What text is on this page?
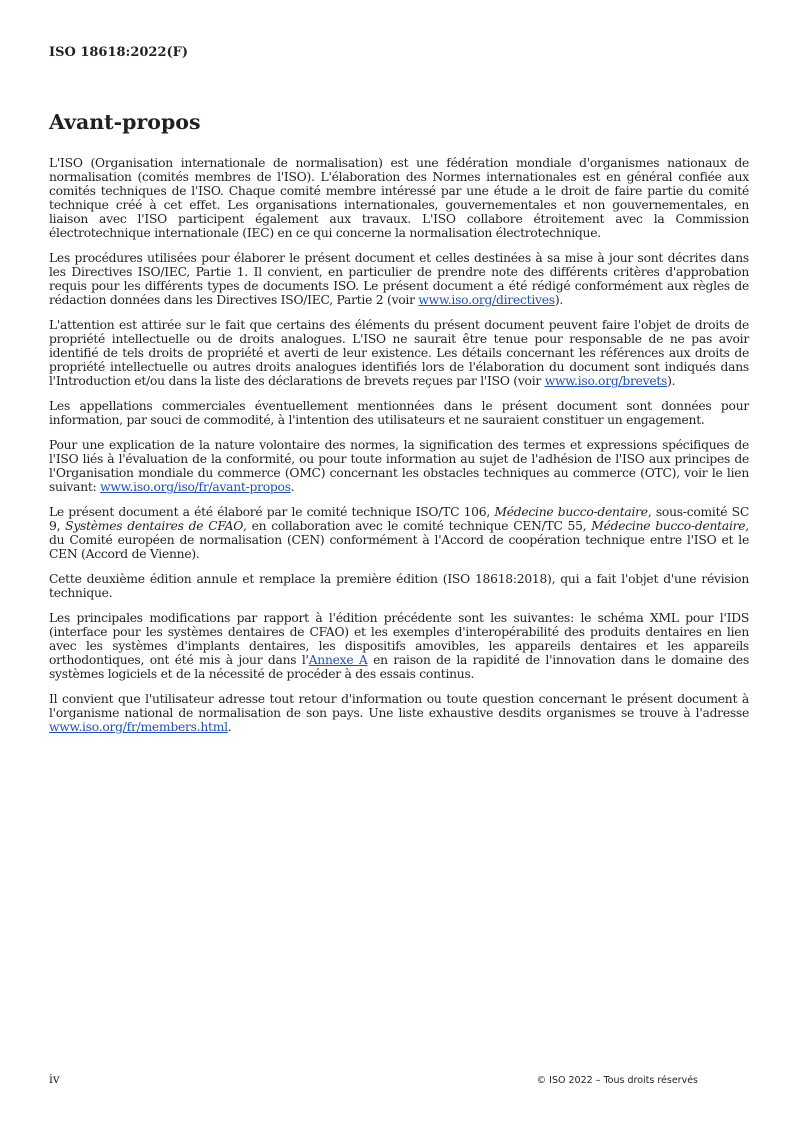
ISO 18618:2022(F)

Avant-propos

L'ISO (Organisation internationale de normalisation) est une fédération mondiale d'organismes nationaux de normalisation (comités membres de l'ISO). L'élaboration des Normes internationales est en général confiée aux comités techniques de l'ISO. Chaque comité membre intéressé par une étude a le droit de faire partie du comité technique créé à cet effet. Les organisations internationales, gouvernementales et non gouvernementales, en liaison avec l'ISO participent également aux travaux. L'ISO collabore étroitement avec la Commission électrotechnique internationale (IEC) en ce qui concerne la normalisation électrotechnique.

Les procédures utilisées pour élaborer le présent document et celles destinées à sa mise à jour sont décrites dans les Directives ISO/IEC, Partie 1. Il convient, en particulier de prendre note des différents critères d'approbation requis pour les différents types de documents ISO. Le présent document a été rédigé conformément aux règles de rédaction données dans les Directives ISO/IEC, Partie 2 (voir www.iso.org/directives).

L'attention est attirée sur le fait que certains des éléments du présent document peuvent faire l'objet de droits de propriété intellectuelle ou de droits analogues. L'ISO ne saurait être tenue pour responsable de ne pas avoir identifié de tels droits de propriété et averti de leur existence. Les détails concernant les références aux droits de propriété intellectuelle ou autres droits analogues identifiés lors de l'élaboration du document sont indiqués dans l'Introduction et/ou dans la liste des déclarations de brevets reçues par l'ISO (voir www.iso.org/brevets).

Les appellations commerciales éventuellement mentionnées dans le présent document sont données pour information, par souci de commodité, à l'intention des utilisateurs et ne sauraient constituer un engagement.

Pour une explication de la nature volontaire des normes, la signification des termes et expressions spécifiques de l'ISO liés à l'évaluation de la conformité, ou pour toute information au sujet de l'adhésion de l'ISO aux principes de l'Organisation mondiale du commerce (OMC) concernant les obstacles techniques au commerce (OTC), voir le lien suivant: www.iso.org/iso/fr/avant-propos.

Le présent document a été élaboré par le comité technique ISO/TC 106, Médecine bucco-dentaire, sous-comité SC 9, Systèmes dentaires de CFAO, en collaboration avec le comité technique CEN/TC 55, Médecine bucco-dentaire, du Comité européen de normalisation (CEN) conformément à l'Accord de coopération technique entre l'ISO et le CEN (Accord de Vienne).

Cette deuxième édition annule et remplace la première édition (ISO 18618:2018), qui a fait l'objet d'une révision technique.

Les principales modifications par rapport à l'édition précédente sont les suivantes: le schéma XML pour l'IDS (interface pour les systèmes dentaires de CFAO) et les exemples d'interopérabilité des produits dentaires en lien avec les systèmes d'implants dentaires, les dispositifs amovibles, les appareils dentaires et les appareils orthodontiques, ont été mis à jour dans l'Annexe A en raison de la rapidité de l'innovation dans le domaine des systèmes logiciels et de la nécessité de procéder à des essais continus.

Il convient que l'utilisateur adresse tout retour d'information ou toute question concernant le présent document à l'organisme national de normalisation de son pays. Une liste exhaustive desdits organismes se trouve à l'adresse www.iso.org/fr/members.html.

iv	© ISO 2022 – Tous droits réservés
